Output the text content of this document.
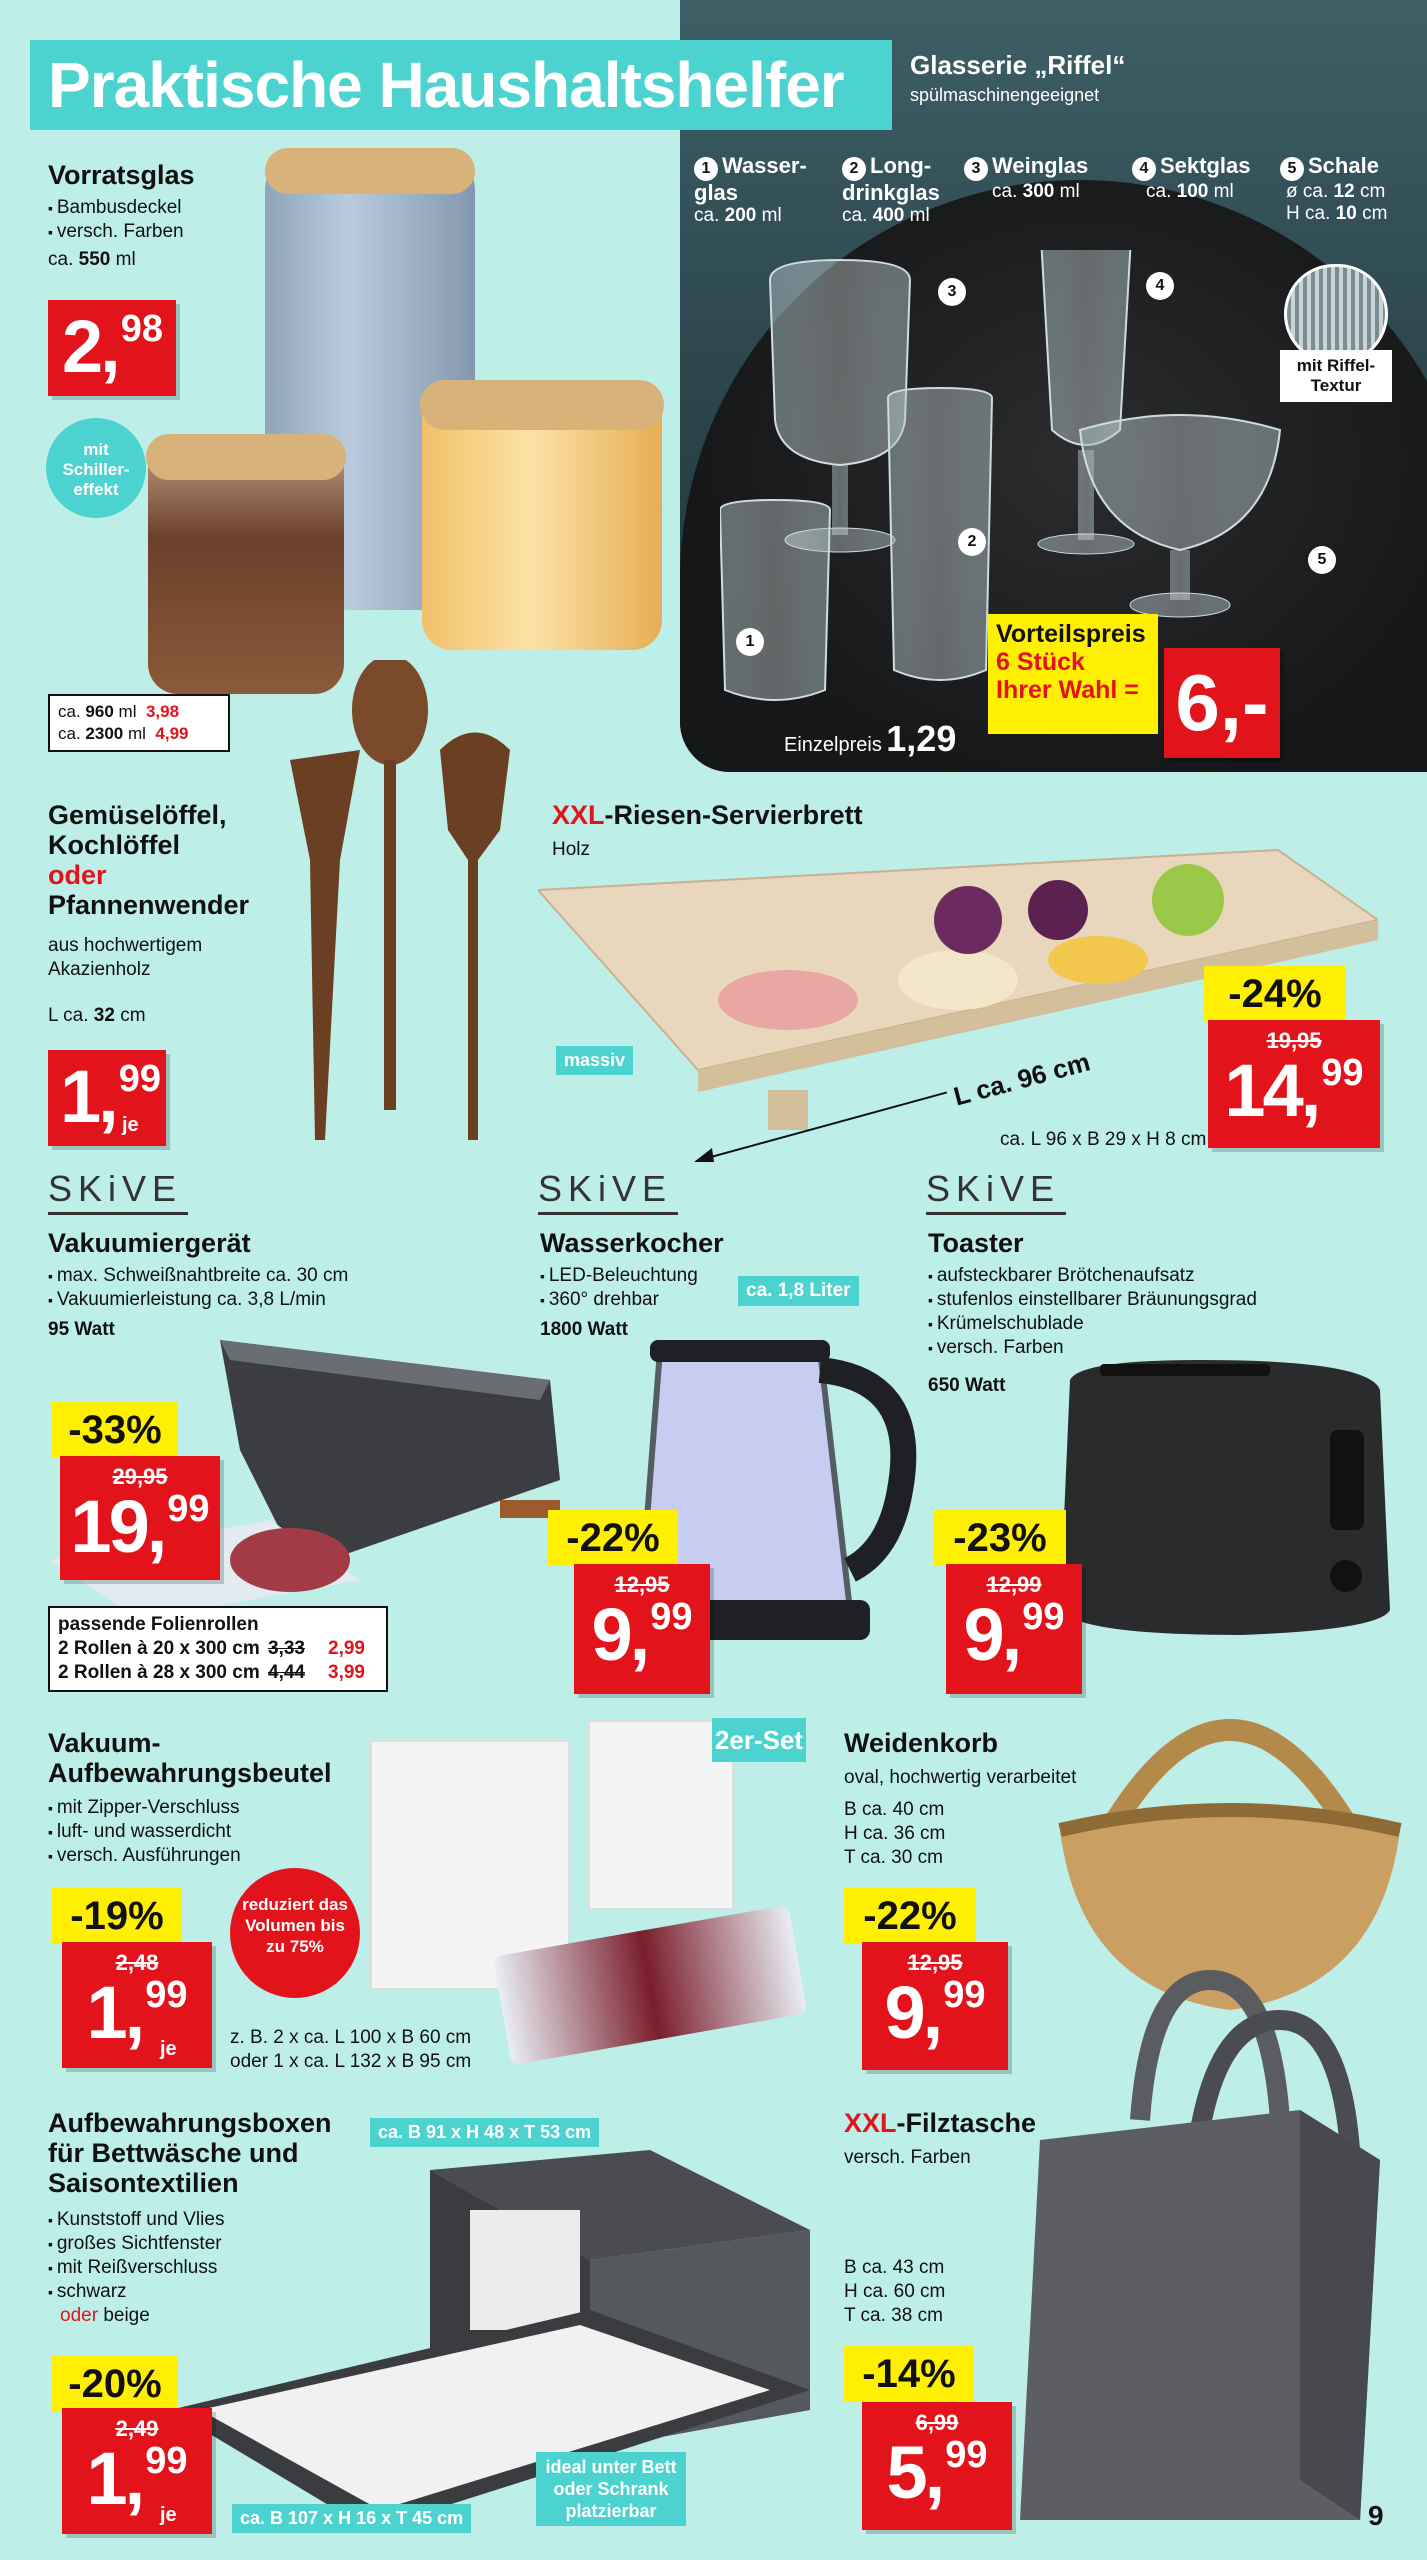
Glasserie „Riffel“
spülmaschinengeeignet
1 Wasser-
glas
ca. 200 ml
2 Long-
drinkglas
ca. 400 ml
3 Weinglas
ca. 300 ml
4 Sektglas
ca. 100 ml
5 Schale
ø ca. 12 cm
H ca. 10 cm
3	4
2
5
1
mit Riffel-Textur
Vorteilspreis
6 Stück
Ihrer Wahl = 6,-
Einzelpreis 1,29
Praktische Haushaltshelfer
Vorratsglas
▪ Bambusdeckel
▪ versch. Farben
ca. 550 ml
2,98
mit Schiller-effekt
ca. 960 ml 3,98
ca. 2300 ml 4,99
Gemüselöffel,
Kochlöffel
oder
Pfannenwender
aus hochwertigem
Akazienholz
L ca. 32 cm
1,99
je
XXL-Riesen-Servierbrett
Holz
massiv	L ca. 96 cm
-24%
19,95
14,99
ca. L 96 x B 29 x H 8 cm
SKiVE	SKiVE	SKiVE
Vakuumiergerät
▪ max. Schweißnahtbreite ca. 30 cm
▪ Vakuumierleistung ca. 3,8 L/min
95 Watt
-33%
29,95
19,99
passende Folienrollen
2 Rollen à 20 x 300 cm 3,33	2,99
2 Rollen à 28 x 300 cm 4,44	3,99
Wasserkocher
▪ LED-Beleuchtung
▪ 360° drehbar
1800 Watt
ca. 1,8 Liter
-22%
12,95
9,99
Toaster
▪ aufsteckbarer Brötchenaufsatz
▪ stufenlos einstellbarer Bräunungsgrad
▪ Krümelschublade
▪ versch. Farben
650 Watt
-23%
12,99
9,99
Vakuum-
Aufbewahrungsbeutel
▪ mit Zipper-Verschluss
▪ luft- und wasserdicht
▪ versch. Ausführungen
2er-Set
reduziert das Volumen bis zu 75%
-19%
2,48
1,99
je
z. B. 2 x ca. L 100 x B 60 cm
oder 1 x ca. L 132 x B 95 cm
Weidenkorb
oval, hochwertig verarbeitet
B ca. 40 cm
H ca. 36 cm
T ca. 30 cm
-22%
12,95
9,99
Aufbewahrungsboxen
für Bettwäsche und
Saisontextilien
▪ Kunststoff und Vlies
▪ großes Sichtfenster
▪ mit Reißverschluss
▪ schwarz
oder beige
ca. B 91 x H 48 x T 53 cm
-20%
2,49
1,99
je	ca. B 107 x H 16 x T 45 cm
ideal unter Bett oder Schrank platzierbar
XXL-Filztasche
versch. Farben
B ca. 43 cm
H ca. 60 cm
T ca. 38 cm
-14%
6,99
5,99
9
